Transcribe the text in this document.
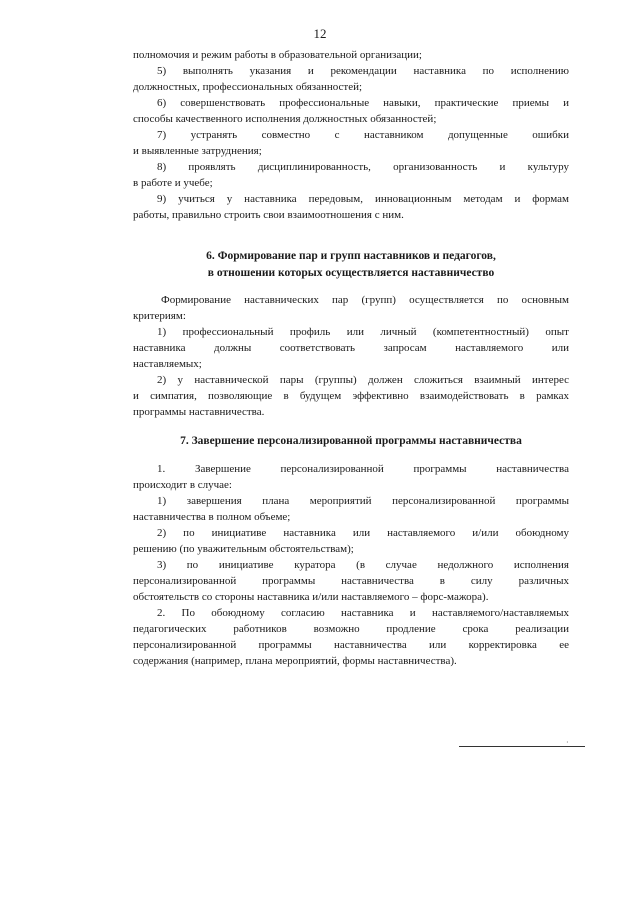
12
полномочия и режим работы в образовательной организации;
5) выполнять указания и рекомендации наставника по исполнению
должностных, профессиональных обязанностей;
6) совершенствовать профессиональные навыки, практические приемы и
способы качественного исполнения должностных обязанностей;
7) устранять совместно с наставником допущенные ошибки
и выявленные затруднения;
8) проявлять дисциплинированность, организованность и культуру
в работе и учебе;
9) учиться у наставника передовым, инновационным методам и формам
работы, правильно строить свои взаимоотношения с ним.
6. Формирование пар и групп наставников и педагогов,
в отношении которых осуществляется наставничество
Формирование наставнических пар (групп) осуществляется по основным
критериям:
1) профессиональный профиль или личный (компетентностный) опыт
наставника должны соответствовать запросам наставляемого или
наставляемых;
2) у наставнической пары (группы) должен сложиться взаимный интерес
и симпатия, позволяющие в будущем эффективно взаимодействовать в рамках
программы наставничества.
7. Завершение персонализированной программы наставничества
1. Завершение персонализированной программы наставничества
происходит в случае:
1) завершения плана мероприятий персонализированной программы
наставничества в полном объеме;
2) по инициативе наставника или наставляемого и/или обоюдному
решению (по уважительным обстоятельствам);
3) по инициативе куратора (в случае недолжного исполнения
персонализированной программы наставничества в силу различных
обстоятельств со стороны наставника и/или наставляемого – форс-мажора).
2. По обоюдному согласию наставника и наставляемого/наставляемых
педагогических работников возможно продление срока реализации
персонализированной программы наставничества или корректировка ее
содержания (например, плана мероприятий, формы наставничества).
·
